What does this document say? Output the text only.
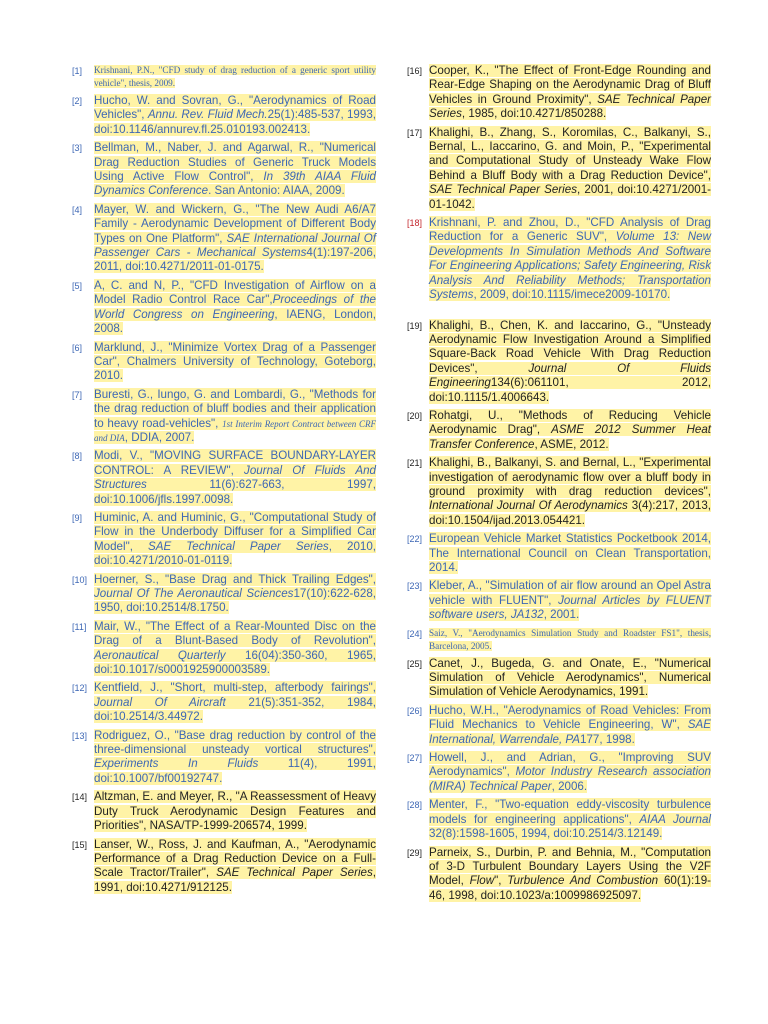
[1] Krishnani, P.N., "CFD study of drag reduction of a generic sport utility vehicle", thesis, 2009.
[2] Hucho, W. and Sovran, G., "Aerodynamics of Road Vehicles", Annu. Rev. Fluid Mech.25(1):485-537, 1993, doi:10.1146/annurev.fl.25.010193.002413.
[3] Bellman, M., Naber, J. and Agarwal, R., "Numerical Drag Reduction Studies of Generic Truck Models Using Active Flow Control", In 39th AIAA Fluid Dynamics Conference. San Antonio: AIAA, 2009.
[4] Mayer, W. and Wickern, G., "The New Audi A6/A7 Family - Aerodynamic Development of Different Body Types on One Platform", SAE International Journal Of Passenger Cars - Mechanical Systems4(1):197-206, 2011, doi:10.4271/2011-01-0175.
[5] A, C. and N, P., "CFD Investigation of Airflow on a Model Radio Control Race Car",Proceedings of the World Congress on Engineering, IAENG, London, 2008.
[6] Marklund, J., "Minimize Vortex Drag of a Passenger Car", Chalmers University of Technology, Goteborg, 2010.
[7] Buresti, G., Iungo, G. and Lombardi, G., "Methods for the drag reduction of bluff bodies and their application to heavy road-vehicles", 1st Interim Report Contract between CRF and DIA, DDIA, 2007.
[8] Modi, V., "MOVING SURFACE BOUNDARY-LAYER CONTROL: A REVIEW", Journal Of Fluids And Structures 11(6):627-663, 1997, doi:10.1006/jfls.1997.0098.
[9] Huminic, A. and Huminic, G., "Computational Study of Flow in the Underbody Diffuser for a Simplified Car Model", SAE Technical Paper Series, 2010, doi:10.4271/2010-01-0119.
[10] Hoerner, S., "Base Drag and Thick Trailing Edges", Journal Of The Aeronautical Sciences17(10):622-628, 1950, doi:10.2514/8.1750.
[11] Mair, W., "The Effect of a Rear-Mounted Disc on the Drag of a Blunt-Based Body of Revolution", Aeronautical Quarterly 16(04):350-360, 1965, doi:10.1017/s0001925900003589.
[12] Kentfield, J., "Short, multi-step, afterbody fairings", Journal Of Aircraft 21(5):351-352, 1984, doi:10.2514/3.44972.
[13] Rodriguez, O., "Base drag reduction by control of the three-dimensional unsteady vortical structures", Experiments In Fluids 11(4), 1991, doi:10.1007/bf00192747.
[14] Altzman, E. and Meyer, R., "A Reassessment of Heavy Duty Truck Aerodynamic Design Features and Priorities", NASA/TP-1999-206574, 1999.
[15] Lanser, W., Ross, J. and Kaufman, A., "Aerodynamic Performance of a Drag Reduction Device on a Full-Scale Tractor/Trailer", SAE Technical Paper Series, 1991, doi:10.4271/912125.
[16] Cooper, K., "The Effect of Front-Edge Rounding and Rear-Edge Shaping on the Aerodynamic Drag of Bluff Vehicles in Ground Proximity", SAE Technical Paper Series, 1985, doi:10.4271/850288.
[17] Khalighi, B., Zhang, S., Koromilas, C., Balkanyi, S., Bernal, L., Iaccarino, G. and Moin, P., "Experimental and Computational Study of Unsteady Wake Flow Behind a Bluff Body with a Drag Reduction Device", SAE Technical Paper Series, 2001, doi:10.4271/2001-01-1042.
[18] Krishnani, P. and Zhou, D., "CFD Analysis of Drag Reduction for a Generic SUV", Volume 13: New Developments In Simulation Methods And Software For Engineering Applications; Safety Engineering, Risk Analysis And Reliability Methods; Transportation Systems, 2009, doi:10.1115/imece2009-10170.
[19] Khalighi, B., Chen, K. and Iaccarino, G., "Unsteady Aerodynamic Flow Investigation Around a Simplified Square-Back Road Vehicle With Drag Reduction Devices", Journal Of Fluids Engineering134(6):061101, 2012, doi:10.1115/1.4006643.
[20] Rohatgi, U., "Methods of Reducing Vehicle Aerodynamic Drag", ASME 2012 Summer Heat Transfer Conference, ASME, 2012.
[21] Khalighi, B., Balkanyi, S. and Bernal, L., "Experimental investigation of aerodynamic flow over a bluff body in ground proximity with drag reduction devices", International Journal Of Aerodynamics 3(4):217, 2013, doi:10.1504/ijad.2013.054421.
[22] European Vehicle Market Statistics Pocketbook 2014, The International Council on Clean Transportation, 2014.
[23] Kleber, A., "Simulation of air flow around an Opel Astra vehicle with FLUENT", Journal Articles by FLUENT software users, JA132, 2001.
[24] Saiz, V., "Aerodynamics Simulation Study and Roadster FS1", thesis, Barcelona, 2005.
[25] Canet, J., Bugeda, G. and Onate, E., "Numerical Simulation of Vehicle Aerodynamics", Numerical Simulation of Vehicle Aerodynamics, 1991.
[26] Hucho, W.H., "Aerodynamics of Road Vehicles: From Fluid Mechanics to Vehicle Engineering, W", SAE International, Warrendale, PA177, 1998.
[27] Howell, J., and Adrian, G., "Improving SUV Aerodynamics", Motor Industry Research association (MIRA) Technical Paper, 2006.
[28] Menter, F., "Two-equation eddy-viscosity turbulence models for engineering applications", AIAA Journal 32(8):1598-1605, 1994, doi:10.2514/3.12149.
[29] Parneix, S., Durbin, P. and Behnia, M., "Computation of 3-D Turbulent Boundary Layers Using the V2F Model, Flow", Turbulence And Combustion 60(1):19-46, 1998, doi:10.1023/a:1009986925097.
